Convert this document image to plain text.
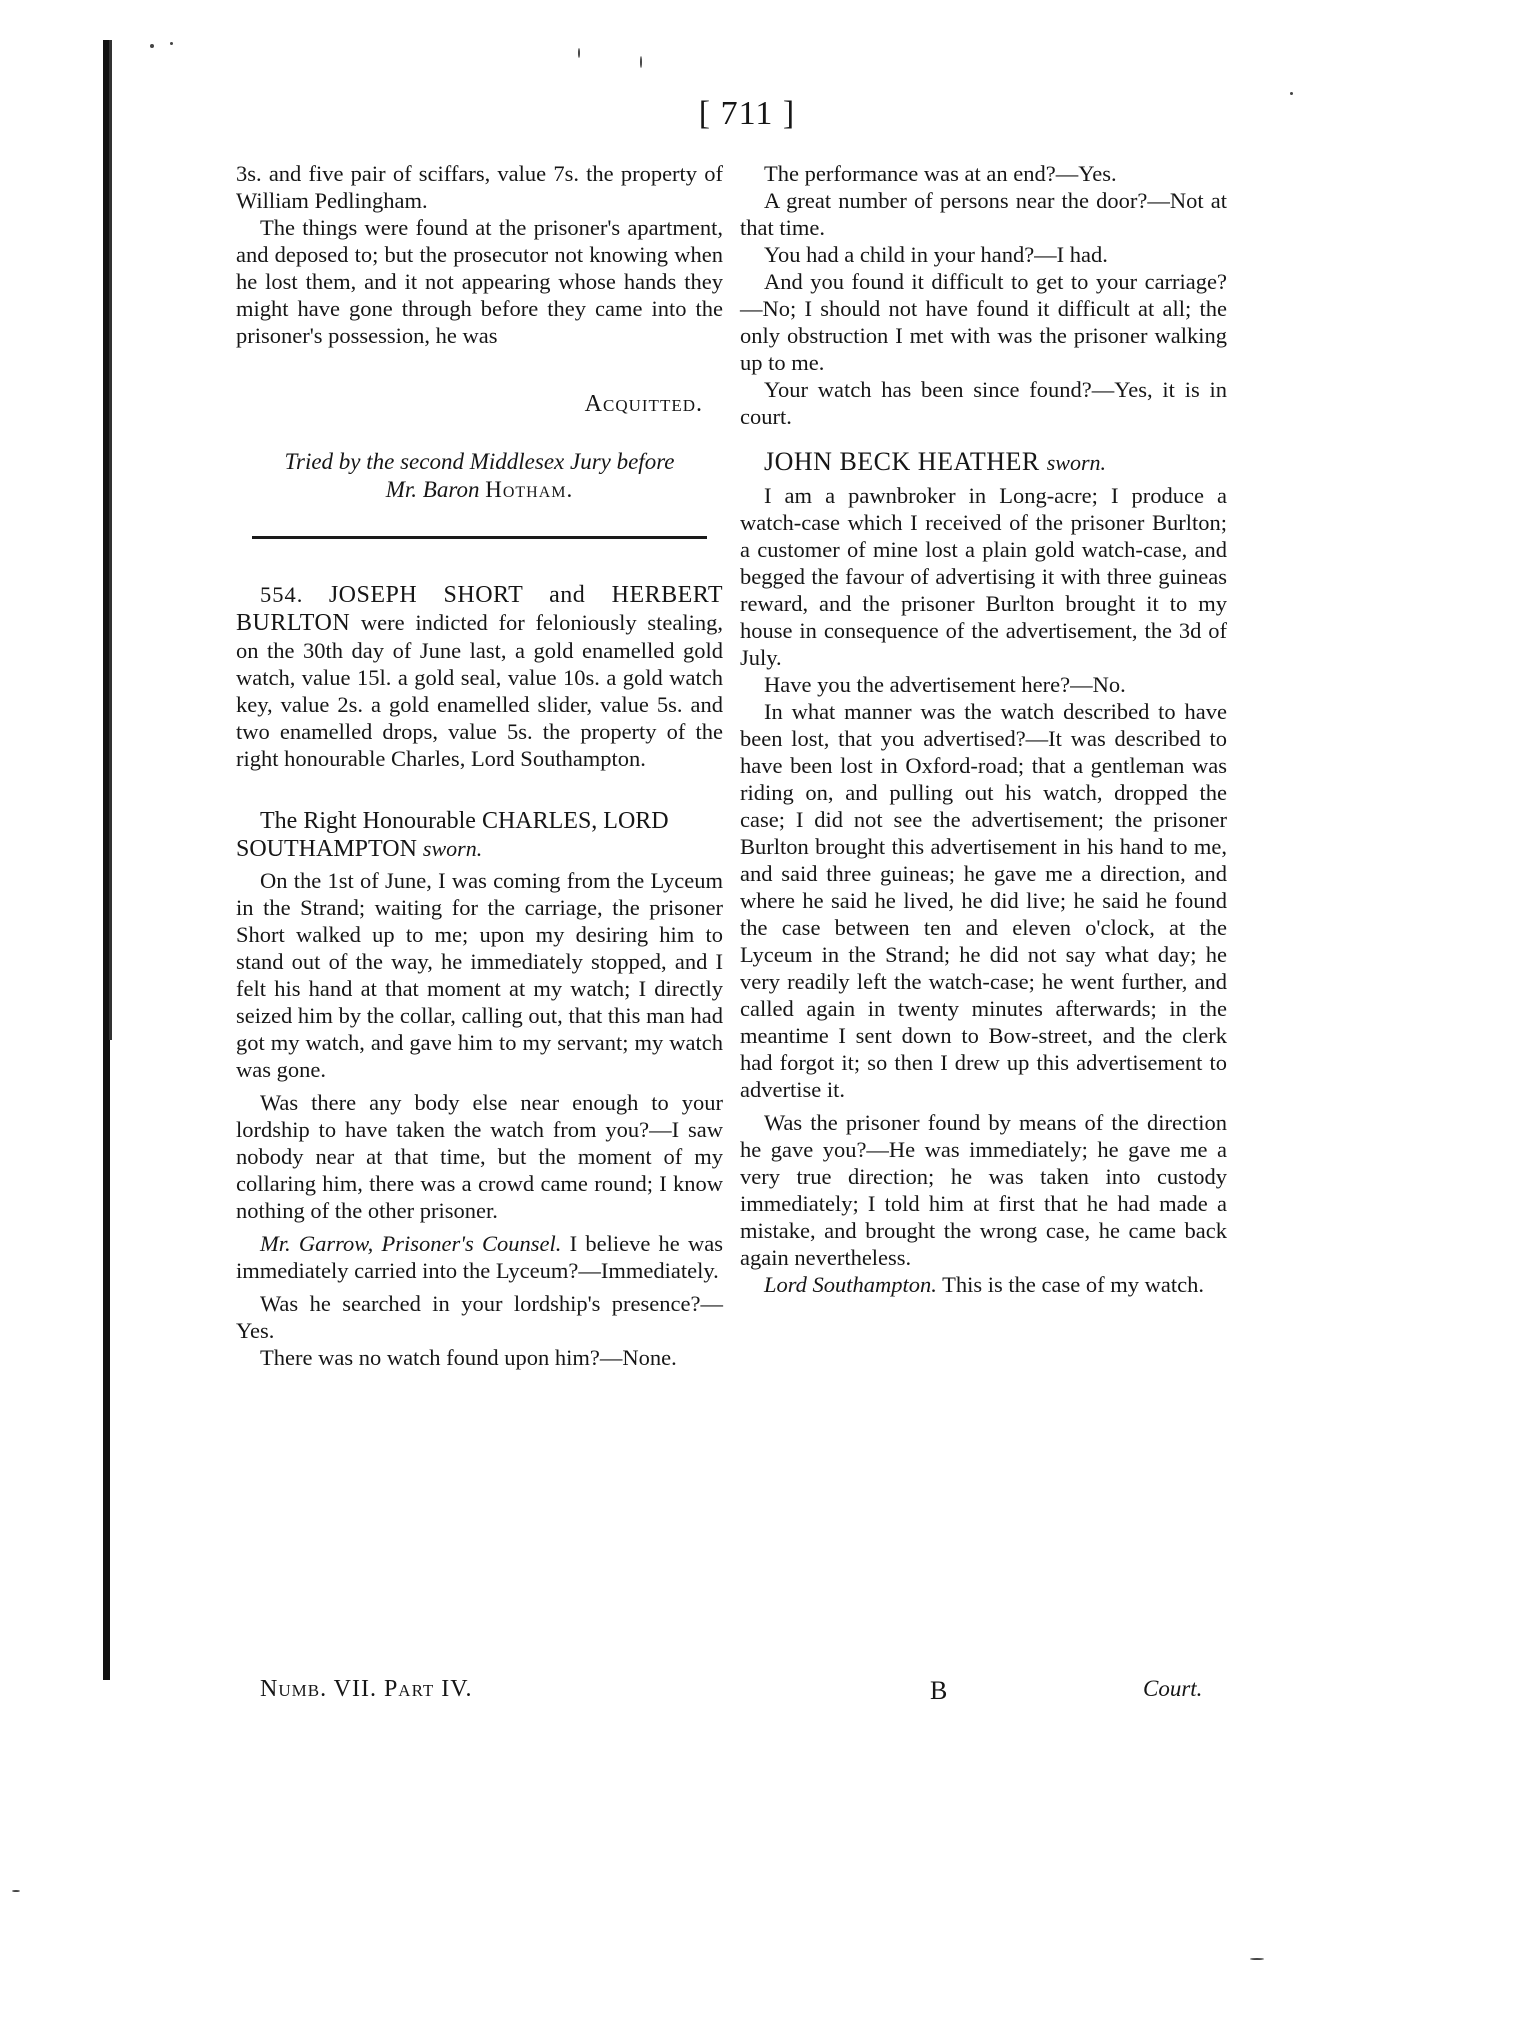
[ 711 ]

3s. and five pair of sciffars, value 7s. the property of William Pedlingham.

The things were found at the prisoner's apartment, and deposed to; but the prosecutor not knowing when he lost them, and it not appearing whose hands they might have gone through before they came into the prisoner's possession, he was

Acquitted.
Tried by the second Middlesex Jury before
Mr. Baron Hotham.

554. JOSEPH SHORT and HERBERT BURLTON were indicted for feloniously stealing, on the 30th day of June last, a gold enamelled gold watch, value 15l. a gold seal, value 10s. a gold watch key, value 2s. a gold enamelled slider, value 5s. and two enamelled drops, value 5s. the property of the right honourable Charles, Lord Southampton.

The Right Honourable CHARLES, LORD SOUTHAMPTON sworn.

On the 1st of June, I was coming from the Lyceum in the Strand; waiting for the carriage, the prisoner Short walked up to me; upon my desiring him to stand out of the way, he immediately stopped, and I felt his hand at that moment at my watch; I directly seized him by the collar, calling out, that this man had got my watch, and gave him to my servant; my watch was gone.

Was there any body else near enough to your lordship to have taken the watch from you?—I saw nobody near at that time, but the moment of my collaring him, there was a crowd came round; I know nothing of the other prisoner.

Mr. Garrow, Prisoner's Counsel. I believe he was immediately carried into the Lyceum?—Immediately.

Was he searched in your lordship's presence?—Yes.

There was no watch found upon him?—None.

The performance was at an end?—Yes.

A great number of persons near the door?—Not at that time.

You had a child in your hand?—I had.

And you found it difficult to get to your carriage?—No; I should not have found it difficult at all; the only obstruction I met with was the prisoner walking up to me.

Your watch has been since found?—Yes, it is in court.

JOHN BECK HEATHER sworn.

I am a pawnbroker in Long-acre; I produce a watch-case which I received of the prisoner Burlton; a customer of mine lost a plain gold watch-case, and begged the favour of advertising it with three guineas reward, and the prisoner Burlton brought it to my house in consequence of the advertisement, the 3d of July.

Have you the advertisement here?—No.

In what manner was the watch described to have been lost, that you advertised?—It was described to have been lost in Oxford-road; that a gentleman was riding on, and pulling out his watch, dropped the case; I did not see the advertisement; the prisoner Burlton brought this advertisement in his hand to me, and said three guineas; he gave me a direction, and where he said he lived, he did live; he said he found the case between ten and eleven o'clock, at the Lyceum in the Strand; he did not say what day; he very readily left the watch-case; he went further, and called again in twenty minutes afterwards; in the meantime I sent down to Bow-street, and the clerk had forgot it; so then I drew up this advertisement to advertise it.

Was the prisoner found by means of the direction he gave you?—He was immediately; he gave me a very true direction; he was taken into custody immediately; I told him at first that he had made a mistake, and brought the wrong case, he came back again nevertheless.

Lord Southampton. This is the case of my watch.

Numb. VII. Part IV.	B	Court.
